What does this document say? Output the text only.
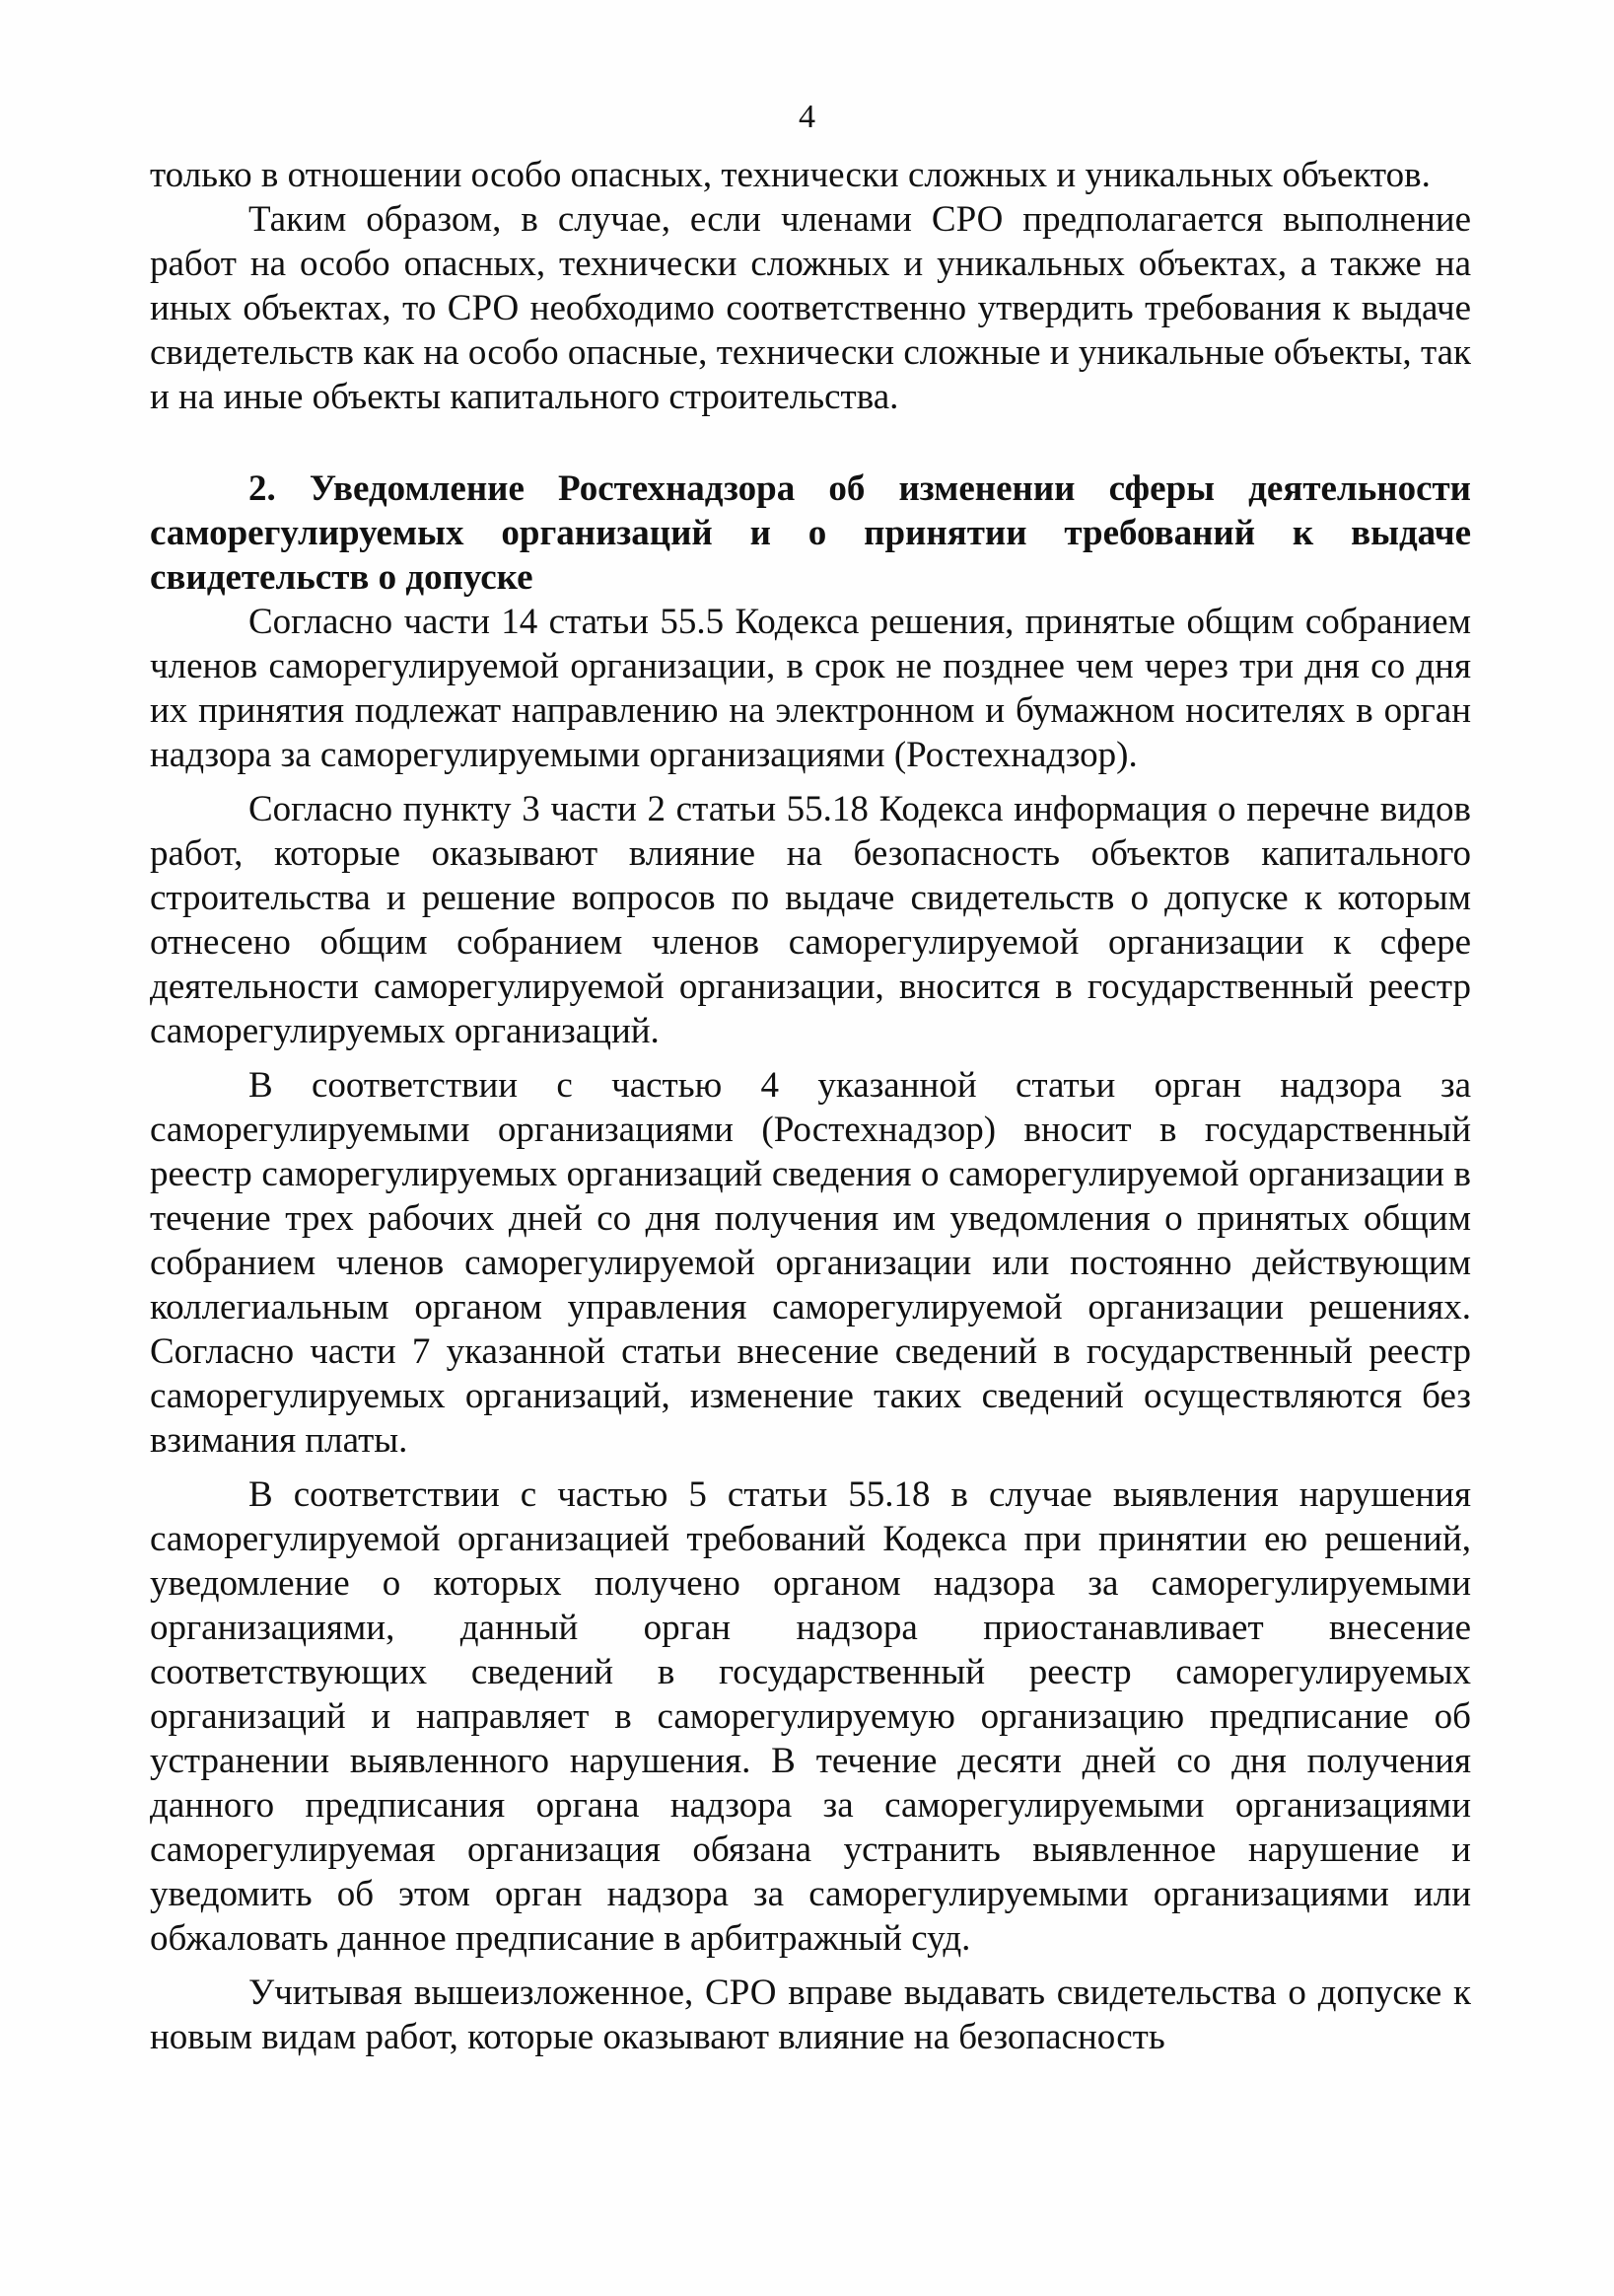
4

только в отношении особо опасных, технически сложных и уникальных объектов.

Таким образом, в случае, если членами СРО предполагается выполнение работ на особо опасных, технически сложных и уникальных объектах, а также на иных объектах, то СРО необходимо соответственно утвердить требования к выдаче свидетельств как на особо опасные, технически сложные и уникальные объекты, так и на иные объекты капитального строительства.

2. Уведомление Ростехнадзора об изменении сферы деятельности саморегулируемых организаций и о принятии требований к выдаче свидетельств о допуске

Согласно части 14 статьи 55.5 Кодекса решения, принятые общим собранием членов саморегулируемой организации, в срок не позднее чем через три дня со дня их принятия подлежат направлению на электронном и бумажном носителях в орган надзора за саморегулируемыми организациями (Ростехнадзор).

Согласно пункту 3 части 2 статьи 55.18 Кодекса информация о перечне видов работ, которые оказывают влияние на безопасность объектов капитального строительства и решение вопросов по выдаче свидетельств о допуске к которым отнесено общим собранием членов саморегулируемой организации к сфере деятельности саморегулируемой организации, вносится в государственный реестр саморегулируемых организаций.

В соответствии с частью 4 указанной статьи орган надзора за саморегулируемыми организациями (Ростехнадзор) вносит в государственный реестр саморегулируемых организаций сведения о саморегулируемой организации в течение трех рабочих дней со дня получения им уведомления о принятых общим собранием членов саморегулируемой организации или постоянно действующим коллегиальным органом управления саморегулируемой организации решениях. Согласно части 7 указанной статьи внесение сведений в государственный реестр саморегулируемых организаций, изменение таких сведений осуществляются без взимания платы.

В соответствии с частью 5 статьи 55.18 в случае выявления нарушения саморегулируемой организацией требований Кодекса при принятии ею решений, уведомление о которых получено органом надзора за саморегулируемыми организациями, данный орган надзора приостанавливает внесение соответствующих сведений в государственный реестр саморегулируемых организаций и направляет в саморегулируемую организацию предписание об устранении выявленного нарушения. В течение десяти дней со дня получения данного предписания органа надзора за саморегулируемыми организациями саморегулируемая организация обязана устранить выявленное нарушение и уведомить об этом орган надзора за саморегулируемыми организациями или обжаловать данное предписание в арбитражный суд.

Учитывая вышеизложенное, СРО вправе выдавать свидетельства о допуске к новым видам работ, которые оказывают влияние на безопасность
